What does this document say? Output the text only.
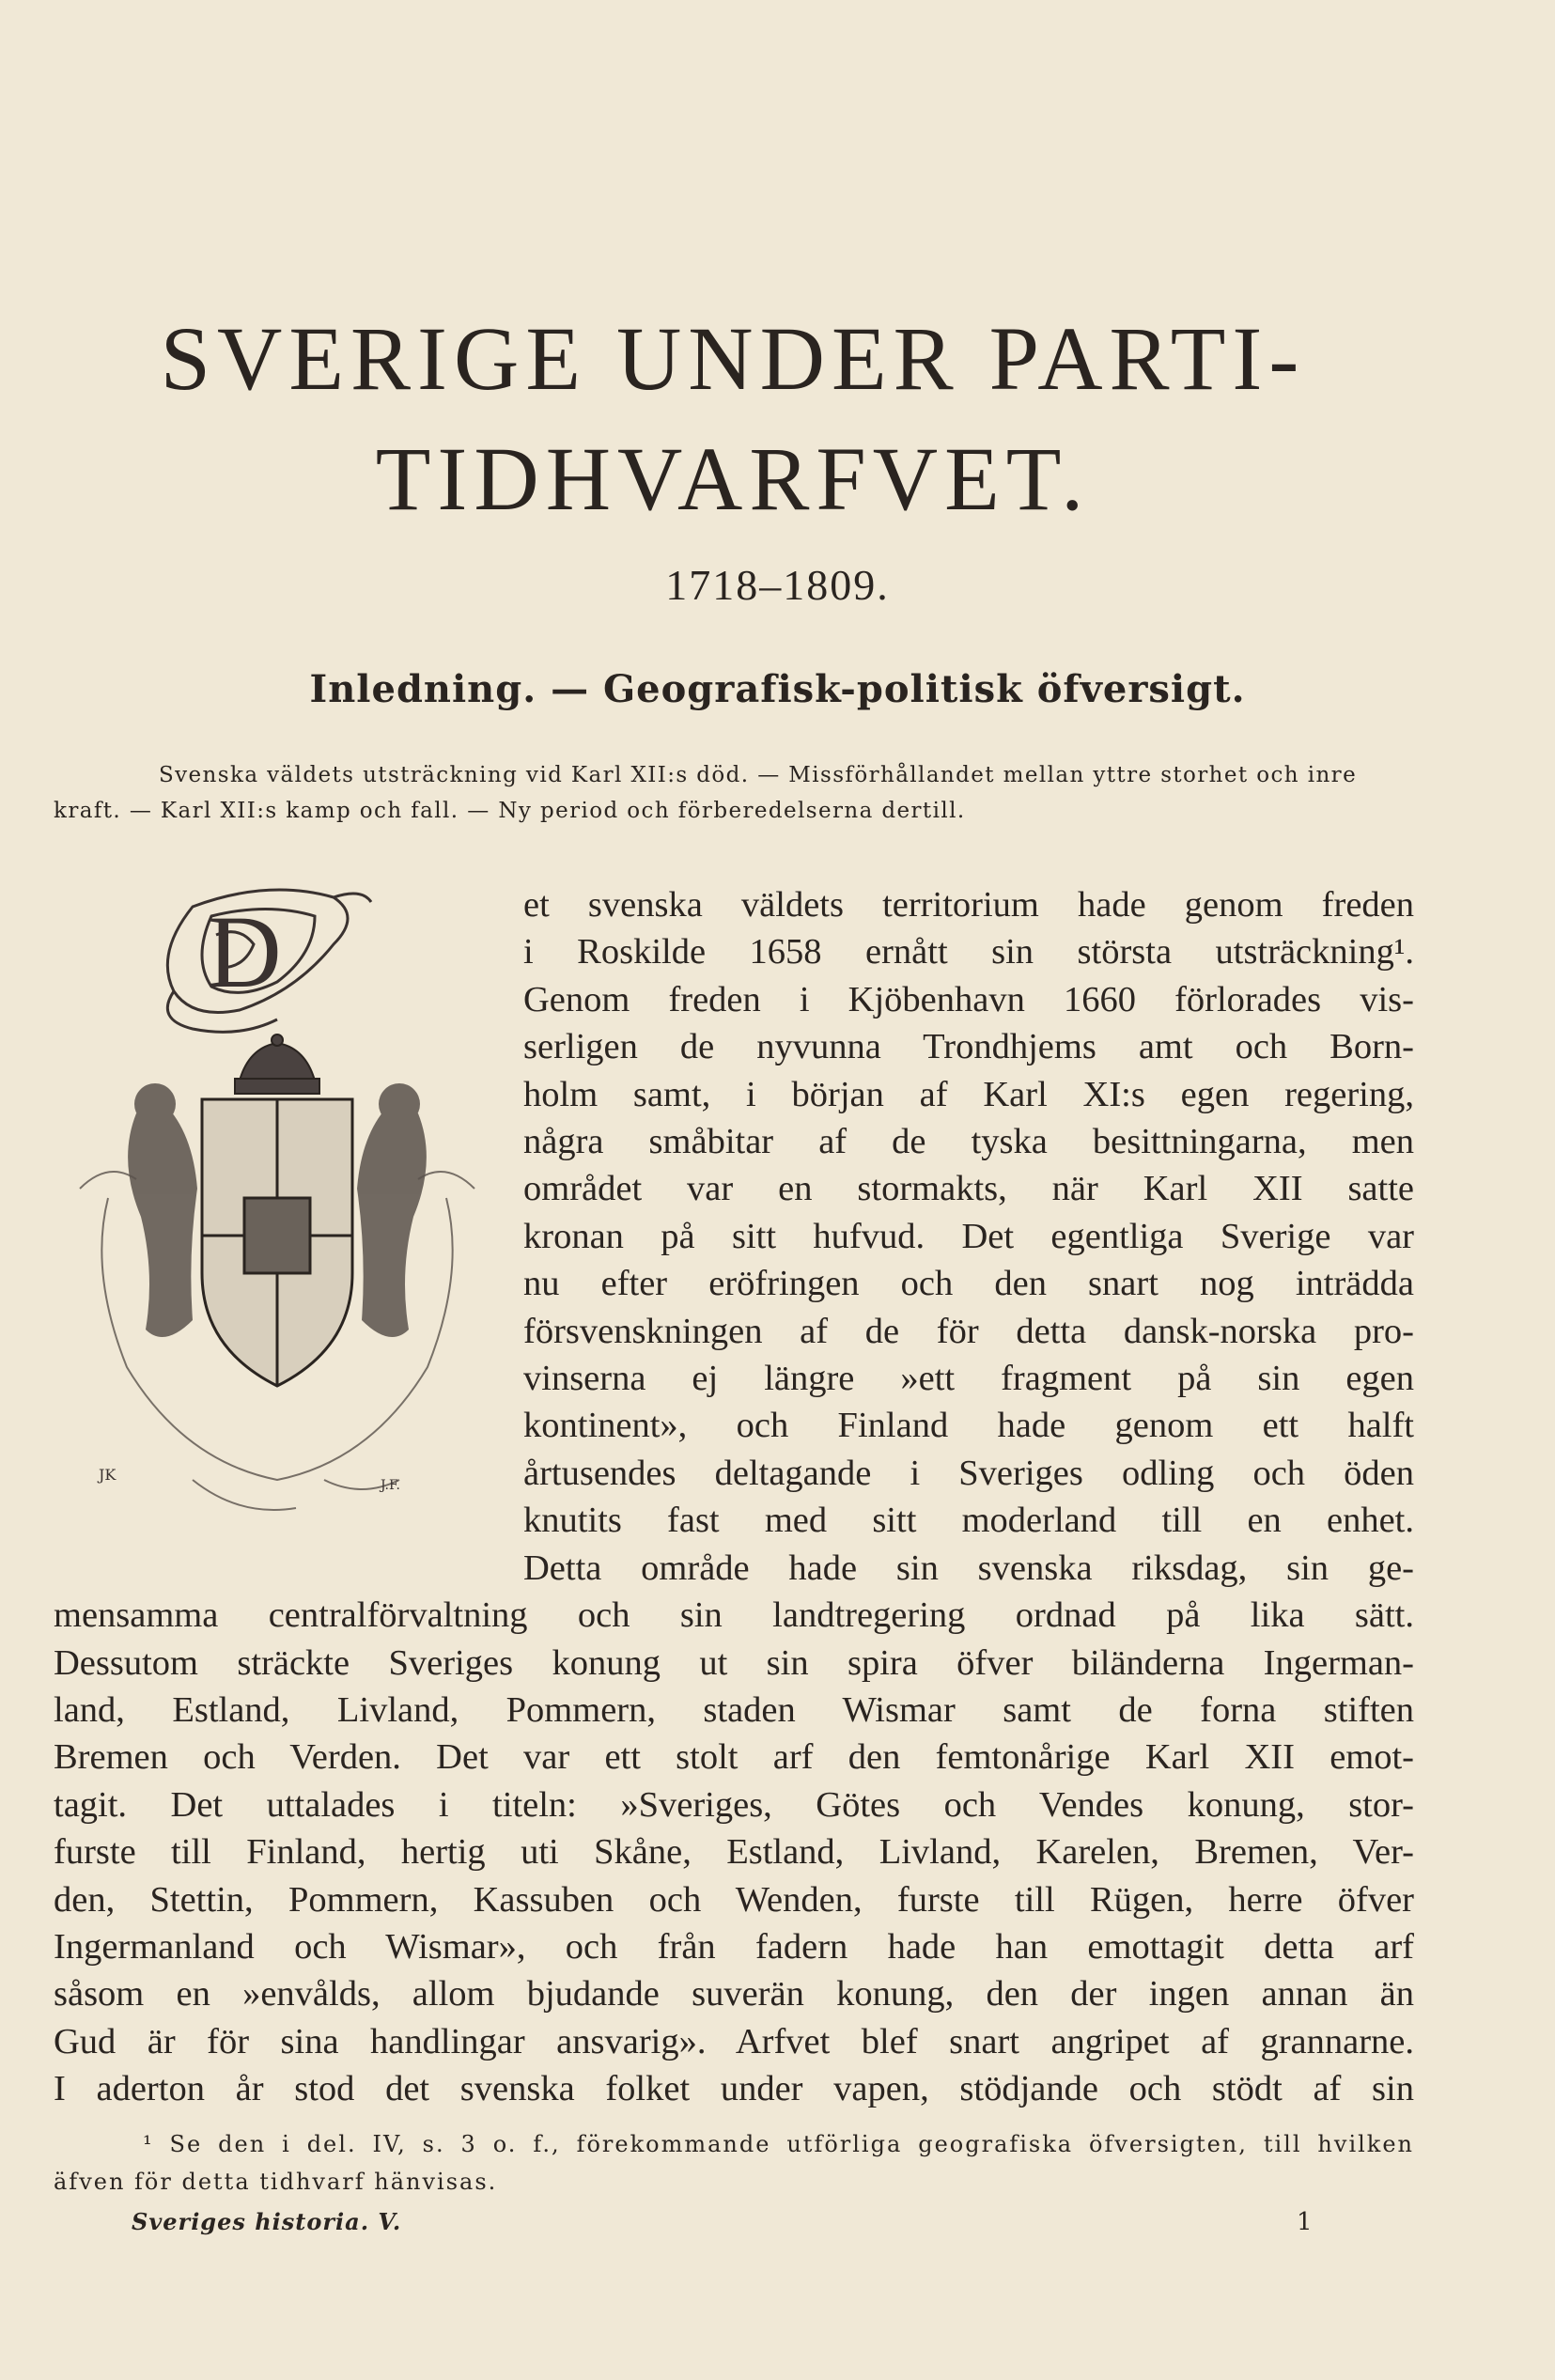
SVERIGE UNDER PARTI-
TIDHVARFVET.
1718–1809.
Inledning. — Geografisk-politisk öfversigt.

Svenska väldets utsträckning vid Karl XII:s död. — Missförhållandet mellan yttre storhet och inre
kraft. — Karl XII:s kamp och fall. — Ny period och förberedelserna dertill.

D
JK
J.F.
et svenska väldets territorium hade genom freden
i Roskilde 1658 ernått sin största utsträckning¹.
Genom freden i Kjöbenhavn 1660 förlorades vis-
serligen de nyvunna Trondhjems amt och Born-
holm samt, i början af Karl XI:s egen regering,
några småbitar af de tyska besittningarna, men
området var en stormakts, när Karl XII satte
kronan på sitt hufvud. Det egentliga Sverige var
nu efter eröfringen och den snart nog inträdda
försvenskningen af de för detta dansk-norska pro-
vinserna ej längre »ett fragment på sin egen
kontinent», och Finland hade genom ett halft
årtusendes deltagande i Sveriges odling och öden
knutits fast med sitt moderland till en enhet.
Detta område hade sin svenska riksdag, sin ge-
mensamma centralförvaltning och sin landtregering ordnad på lika sätt.
Dessutom sträckte Sveriges konung ut sin spira öfver biländerna Ingerman-
land, Estland, Livland, Pommern, staden Wismar samt de forna stiften
Bremen och Verden. Det var ett stolt arf den femtonårige Karl XII emot-
tagit. Det uttalades i titeln: »Sveriges, Götes och Vendes konung, stor-
furste till Finland, hertig uti Skåne, Estland, Livland, Karelen, Bremen, Ver-
den, Stettin, Pommern, Kassuben och Wenden, furste till Rügen, herre öfver
Ingermanland och Wismar», och från fadern hade han emottagit detta arf
såsom en »envålds, allom bjudande suverän konung, den der ingen annan än
Gud är för sina handlingar ansvarig». Arfvet blef snart angripet af grannarne.
I aderton år stod det svenska folket under vapen, stödjande och stödt af sin
¹ Se den i del. IV, s. 3 o. f., förekommande utförliga geografiska öfversigten, till hvilken
äfven för detta tidhvarf hänvisas.
Sveriges historia. V.	1
